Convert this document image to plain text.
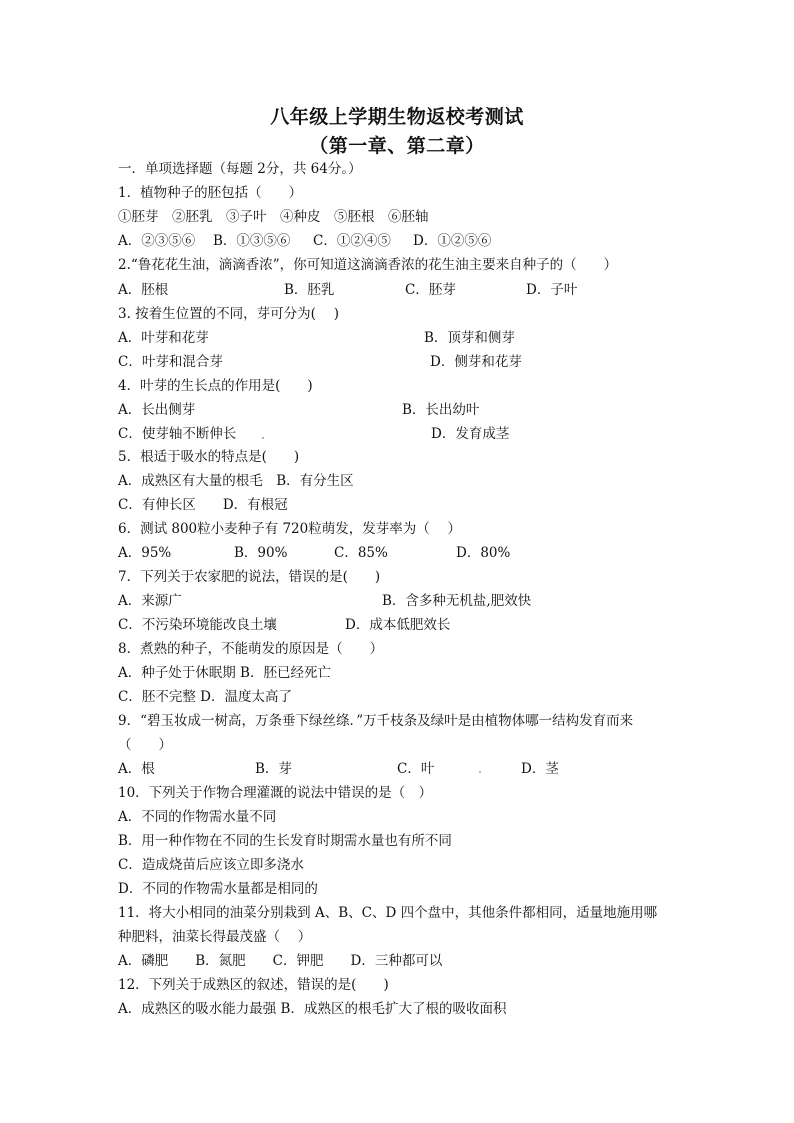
八年级上学期生物返校考测试
（第一章、第二章）
一．单项选择题（每题 2分，共 64分。）
1．植物种子的胚包括（　　）
①胚芽　②胚乳　③子叶　④种皮　⑤胚根　⑥胚轴
A．②③⑤⑥ B．①③⑤⑥ C．①②④⑤ D．①②⑤⑥
2.“鲁花花生油，滴滴香浓”，你可知道这滴滴香浓的花生油主要来自种子的（　　）
A．胚根	B．胚乳	C．胚芽	D．子叶
3. 按着生位置的不同，芽可分为(　 )
A．叶芽和花芽	B．顶芽和侧芽
C．叶芽和混合芽	D．侧芽和花芽
4．叶芽的生长点的作用是(　　)
A．长出侧芽	B．长出幼叶
C．使芽轴不断伸长	D．发育成茎
5．根适于吸水的特点是(　　)
A．成熟区有大量的根毛　B．有分生区
C．有伸长区　　D．有根冠
6．测试 800粒小麦种子有 720粒萌发，发芽率为（　 ）
A．95%	B．90%	C．85%	D．80%
7．下列关于农家肥的说法，错误的是(　　)
A．来源广	B．含多种无机盐,肥效快
C．不污染环境能改良土壤	D．成本低肥效长
8．煮熟的种子，不能萌发的原因是（　　）
A．种子处于休眠期 B．胚已经死亡
C．胚不完整 D．温度太高了
9．“碧玉妆成一树高，万条垂下绿丝绦．”万千枝条及绿叶是由植物体哪一结构发育而来
（　　）
A．根	B．芽	C．叶	D．茎
10．下列关于作物合理灌溉的说法中错误的是（　）
A．不同的作物需水量不同
B．用一种作物在不同的生长发育时期需水量也有所不同
C．造成烧苗后应该立即多浇水
D．不同的作物需水量都是相同的
11．将大小相同的油菜分别栽到 A、B、C、D 四个盘中，其他条件都相同，适量地施用哪
种肥料，油菜长得最茂盛（　 ）
A．磷肥　　B．氮肥　　C．钾肥　　D．三种都可以
12．下列关于成熟区的叙述，错误的是(　　)
A．成熟区的吸水能力最强 B．成熟区的根毛扩大了根的吸收面积
